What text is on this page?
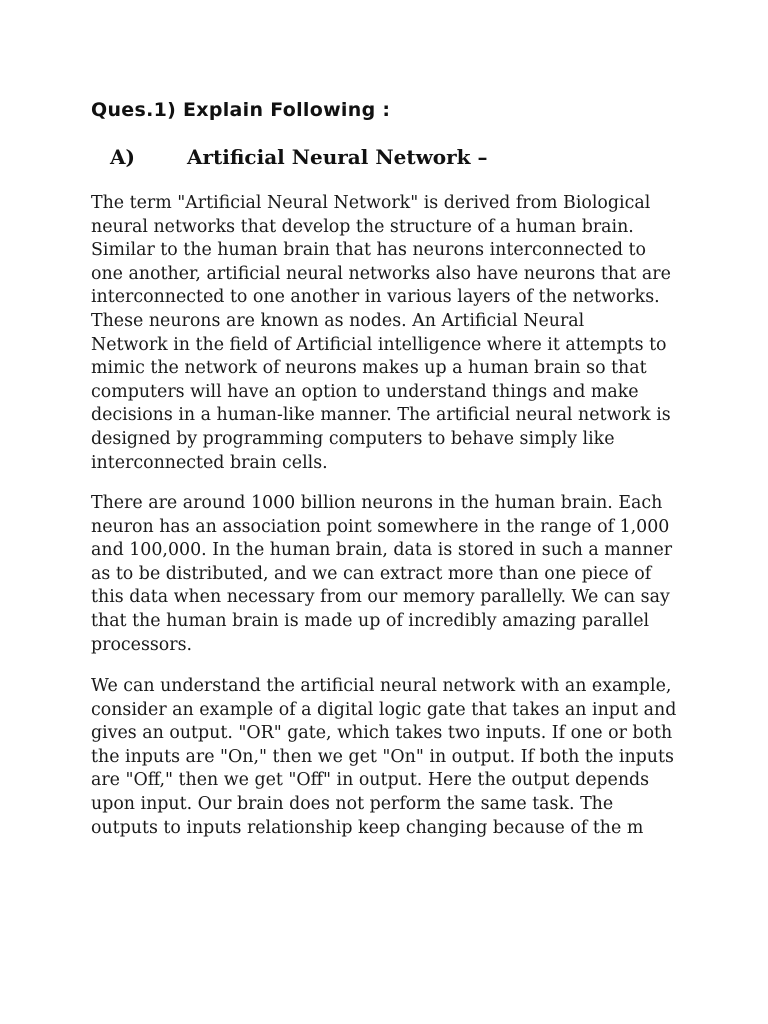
Ques.1) Explain Following :
A)	Artificial Neural Network –
The term "Artificial Neural Network" is derived from Biological
neural networks that develop the structure of a human brain.
Similar to the human brain that has neurons interconnected to
one another, artificial neural networks also have neurons that are
interconnected to one another in various layers of the networks.
These neurons are known as nodes. An Artificial Neural
Network in the field of Artificial intelligence where it attempts to
mimic the network of neurons makes up a human brain so that
computers will have an option to understand things and make
decisions in a human-like manner. The artificial neural network is
designed by programming computers to behave simply like
interconnected brain cells.
There are around 1000 billion neurons in the human brain. Each
neuron has an association point somewhere in the range of 1,000
and 100,000. In the human brain, data is stored in such a manner
as to be distributed, and we can extract more than one piece of
this data when necessary from our memory parallelly. We can say
that the human brain is made up of incredibly amazing parallel
processors.
We can understand the artificial neural network with an example,
consider an example of a digital logic gate that takes an input and
gives an output. "OR" gate, which takes two inputs. If one or both
the inputs are "On," then we get "On" in output. If both the inputs
are "Off," then we get "Off" in output. Here the output depends
upon input. Our brain does not perform the same task. The
outputs to inputs relationship keep changing because of the m
